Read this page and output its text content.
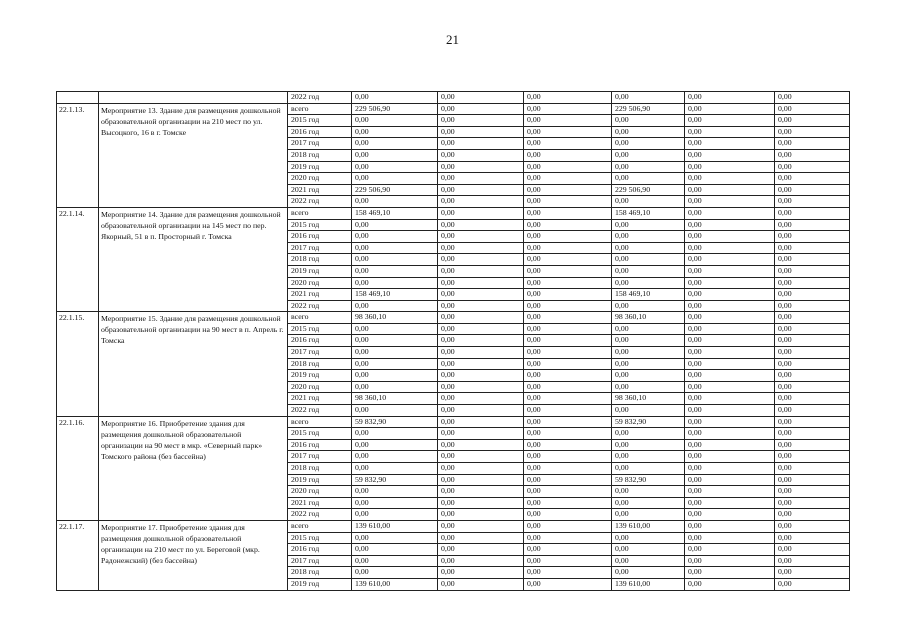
21
		2022 год	0,00	0,00	0,00	0,00	0,00	0,00
22.1.13.	Мероприятие 13. Здание для размещения дошкольной образовательной организации на 210 мест по ул. Высоцкого, 16 в г. Томске	всего	229 506,90	0,00	0,00	229 506,90	0,00	0,00
		2015 год	0,00	0,00	0,00	0,00	0,00	0,00
		2016 год	0,00	0,00	0,00	0,00	0,00	0,00
		2017 год	0,00	0,00	0,00	0,00	0,00	0,00
		2018 год	0,00	0,00	0,00	0,00	0,00	0,00
		2019 год	0,00	0,00	0,00	0,00	0,00	0,00
		2020 год	0,00	0,00	0,00	0,00	0,00	0,00
		2021 год	229 506,90	0,00	0,00	229 506,90	0,00	0,00
		2022 год	0,00	0,00	0,00	0,00	0,00	0,00
22.1.14.	Мероприятие 14. Здание для размещения дошкольной образовательной организации на 145 мест по пер. Якорный, 51 в п. Просторный г. Томска	всего	158 469,10	0,00	0,00	158 469,10	0,00	0,00
		2015 год	0,00	0,00	0,00	0,00	0,00	0,00
		2016 год	0,00	0,00	0,00	0,00	0,00	0,00
		2017 год	0,00	0,00	0,00	0,00	0,00	0,00
		2018 год	0,00	0,00	0,00	0,00	0,00	0,00
		2019 год	0,00	0,00	0,00	0,00	0,00	0,00
		2020 год	0,00	0,00	0,00	0,00	0,00	0,00
		2021 год	158 469,10	0,00	0,00	158 469,10	0,00	0,00
		2022 год	0,00	0,00	0,00	0,00	0,00	0,00
22.1.15.	Мероприятие 15. Здание для размещения дошкольной образовательной организации на 90 мест в п. Апрель г. Томска	всего	98 360,10	0,00	0,00	98 360,10	0,00	0,00
		2015 год	0,00	0,00	0,00	0,00	0,00	0,00
		2016 год	0,00	0,00	0,00	0,00	0,00	0,00
		2017 год	0,00	0,00	0,00	0,00	0,00	0,00
		2018 год	0,00	0,00	0,00	0,00	0,00	0,00
		2019 год	0,00	0,00	0,00	0,00	0,00	0,00
		2020 год	0,00	0,00	0,00	0,00	0,00	0,00
		2021 год	98 360,10	0,00	0,00	98 360,10	0,00	0,00
		2022 год	0,00	0,00	0,00	0,00	0,00	0,00
22.1.16.	Мероприятие 16. Приобретение здания для размещения дошкольной образовательной организации на 90 мест в мкр. «Северный парк» Томского района (без бассейна)	всего	59 832,90	0,00	0,00	59 832,90	0,00	0,00
		2015 год	0,00	0,00	0,00	0,00	0,00	0,00
		2016 год	0,00	0,00	0,00	0,00	0,00	0,00
		2017 год	0,00	0,00	0,00	0,00	0,00	0,00
		2018 год	0,00	0,00	0,00	0,00	0,00	0,00
		2019 год	59 832,90	0,00	0,00	59 832,90	0,00	0,00
		2020 год	0,00	0,00	0,00	0,00	0,00	0,00
		2021 год	0,00	0,00	0,00	0,00	0,00	0,00
		2022 год	0,00	0,00	0,00	0,00	0,00	0,00
22.1.17.	Мероприятие 17. Приобретение здания для размещения дошкольной образовательной организации на 210 мест по ул. Береговой (мкр. Радонежский) (без бассейна)	всего	139 610,00	0,00	0,00	139 610,00	0,00	0,00
		2015 год	0,00	0,00	0,00	0,00	0,00	0,00
		2016 год	0,00	0,00	0,00	0,00	0,00	0,00
		2017 год	0,00	0,00	0,00	0,00	0,00	0,00
		2018 год	0,00	0,00	0,00	0,00	0,00	0,00
		2019 год	139 610,00	0,00	0,00	139 610,00	0,00	0,00
